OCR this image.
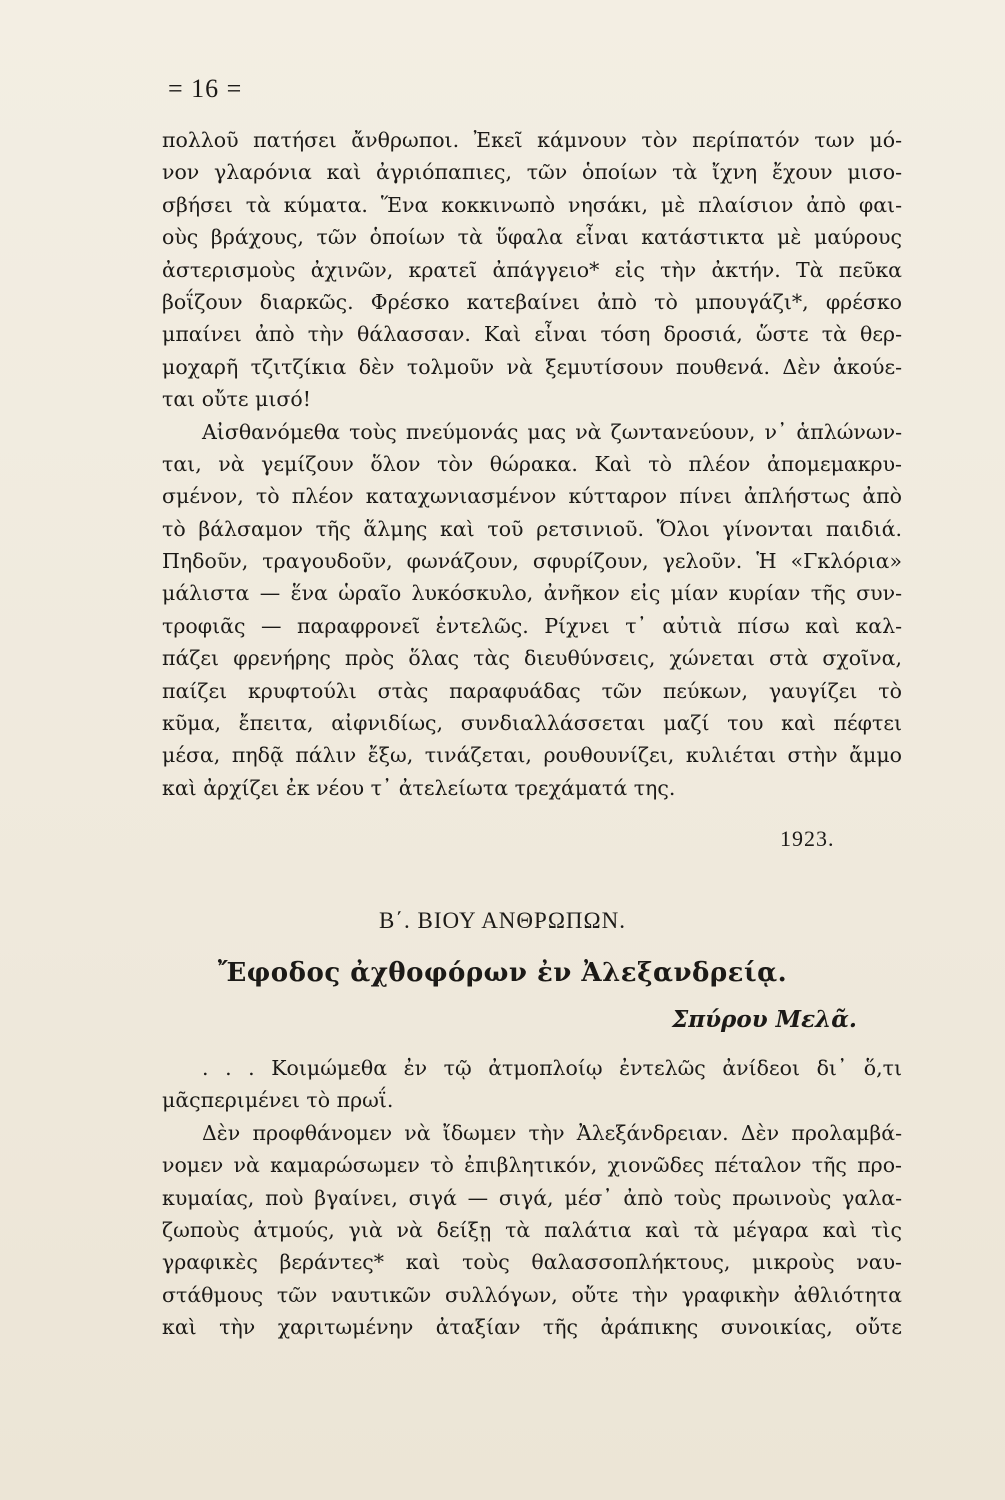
= 16 =
πολλοῦ πατήσει ἄνθρωποι. Ἐκεῖ κάμνουν τὸν περίπατόν των μό-
νον γλαρόνια καὶ ἀγριόπαπιες, τῶν ὁποίων τὰ ἴχνη ἔχουν μισο-
σβήσει τὰ κύματα. Ἕνα κοκκινωπὸ νησάκι, μὲ πλαίσιον ἀπὸ φαι-
οὺς βράχους, τῶν ὁποίων τὰ ὕφαλα εἶναι κατάστικτα μὲ μαύρους
ἀστερισμοὺς ἀχινῶν, κρατεῖ ἀπάγγειο* εἰς τὴν ἀκτήν. Τὰ πεῦκα
βοΐζουν διαρκῶς. Φρέσκο κατεβαίνει ἀπὸ τὸ μπουγάζι*, φρέσκο
μπαίνει ἀπὸ τὴν θάλασσαν. Καὶ εἶναι τόση δροσιά, ὥστε τὰ θερ-
μοχαρῆ τζιτζίκια δὲν τολμοῦν νὰ ξεμυτίσουν πουθενά. Δὲν ἀκούε-
ται οὔτε μισό!
Αἰσθανόμεθα τοὺς πνεύμονάς μας νὰ ζωντανεύουν, ν᾽ ἁπλώνων-
ται, νὰ γεμίζουν ὅλον τὸν θώρακα. Καὶ τὸ πλέον ἀπομεμακρυ-
σμένον, τὸ πλέον καταχωνιασμένον κύτταρον πίνει ἀπλήστως ἀπὸ
τὸ βάλσαμον τῆς ἅλμης καὶ τοῦ ρετσινιοῦ. Ὅλοι γίνονται παιδιά.
Πηδοῦν, τραγουδοῦν, φωνάζουν, σφυρίζουν, γελοῦν. Ἡ «Γκλόρια»
μάλιστα — ἕνα ὡραῖο λυκόσκυλο, ἀνῆκον εἰς μίαν κυρίαν τῆς συν-
τροφιᾶς — παραφρονεῖ ἐντελῶς. Ρίχνει τ᾽ αὐτιὰ πίσω καὶ καλ-
πάζει φρενήρης πρὸς ὅλας τὰς διευθύνσεις, χώνεται στὰ σχοῖνα,
παίζει κρυφτούλι στὰς παραφυάδας τῶν πεύκων, γαυγίζει τὸ
κῦμα, ἔπειτα, αἰφνιδίως, συνδιαλλάσσεται μαζί του καὶ πέφτει
μέσα, πηδᾷ πάλιν ἔξω, τινάζεται, ρουθουνίζει, κυλιέται στὴν ἄμμο
καὶ ἀρχίζει ἐκ νέου τ᾽ ἀτελείωτα τρεχάματά της.
1923.
Β΄. ΒΙΟΥ ΑΝΘΡΩΠΩΝ.
Ἔφοδος ἀχθοφόρων ἐν Ἀλεξανδρείᾳ.
Σπύρου Μελᾶ.
. . . Κοιμώμεθα ἐν τῷ ἀτμοπλοίῳ ἐντελῶς ἀνίδεοι δι᾽ ὅ,τι
μᾶςπεριμένει τὸ πρωΐ.
Δὲν προφθάνομεν νὰ ἴδωμεν τὴν Ἀλεξάνδρειαν. Δὲν προλαμβά-
νομεν νὰ καμαρώσωμεν τὸ ἐπιβλητικόν, χιονῶδες πέταλον τῆς προ-
κυμαίας, ποὺ βγαίνει, σιγά — σιγά, μέσ᾽ ἀπὸ τοὺς πρωινοὺς γαλα-
ζωποὺς ἀτμούς, γιὰ νὰ δείξῃ τὰ παλάτια καὶ τὰ μέγαρα καὶ τὶς
γραφικὲς βεράντες* καὶ τοὺς θαλασσοπλήκτους, μικροὺς ναυ-
στάθμους τῶν ναυτικῶν συλλόγων, οὔτε τὴν γραφικὴν ἀθλιότητα
καὶ τὴν χαριτωμένην ἀταξίαν τῆς ἀράπικης συνοικίας, οὔτε
